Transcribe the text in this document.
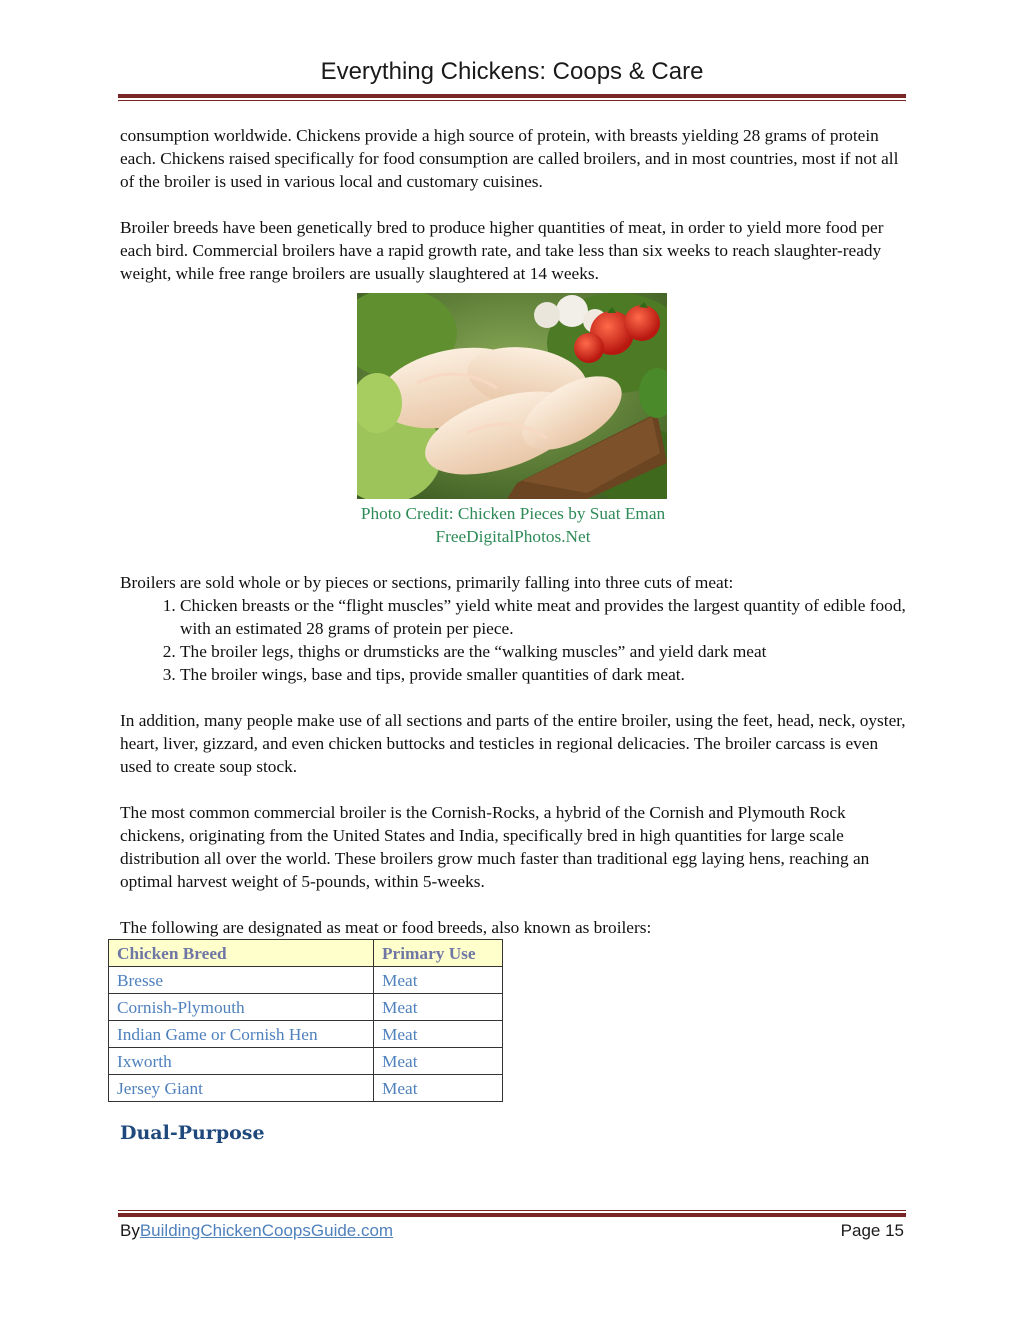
Everything Chickens: Coops & Care

consumption worldwide. Chickens provide a high source of protein, with breasts yielding 28 grams of protein each. Chickens raised specifically for food consumption are called broilers, and in most countries, most if not all of the broiler is used in various local and customary cuisines.

Broiler breeds have been genetically bred to produce higher quantities of meat, in order to yield more food per each bird. Commercial broilers have a rapid growth rate, and take less than six weeks to reach slaughter-ready weight, while free range broilers are usually slaughtered at 14 weeks.

Photo Credit: Chicken Pieces by Suat Eman
FreeDigitalPhotos.Net

Broilers are sold whole or by pieces or sections, primarily falling into three cuts of meat:

1. Chicken breasts or the “flight muscles” yield white meat and provides the largest quantity of edible food, with an estimated 28 grams of protein per piece.
2. The broiler legs, thighs or drumsticks are the “walking muscles” and yield dark meat
3. The broiler wings, base and tips, provide smaller quantities of dark meat.

In addition, many people make use of all sections and parts of the entire broiler, using the feet, head, neck, oyster, heart, liver, gizzard, and even chicken buttocks and testicles in regional delicacies. The broiler carcass is even used to create soup stock.

The most common commercial broiler is the Cornish-Rocks, a hybrid of the Cornish and Plymouth Rock chickens, originating from the United States and India, specifically bred in high quantities for large scale distribution all over the world. These broilers grow much faster than traditional egg laying hens, reaching an optimal harvest weight of 5-pounds, within 5-weeks.

The following are designated as meat or food breeds, also known as broilers:

Chicken Breed	Primary Use
Bresse	Meat
Cornish-Plymouth	Meat
Indian Game or Cornish Hen	Meat
Ixworth	Meat
Jersey Giant	Meat
Dual-Purpose
ByBuildingChickenCoopsGuide.com	Page 15
